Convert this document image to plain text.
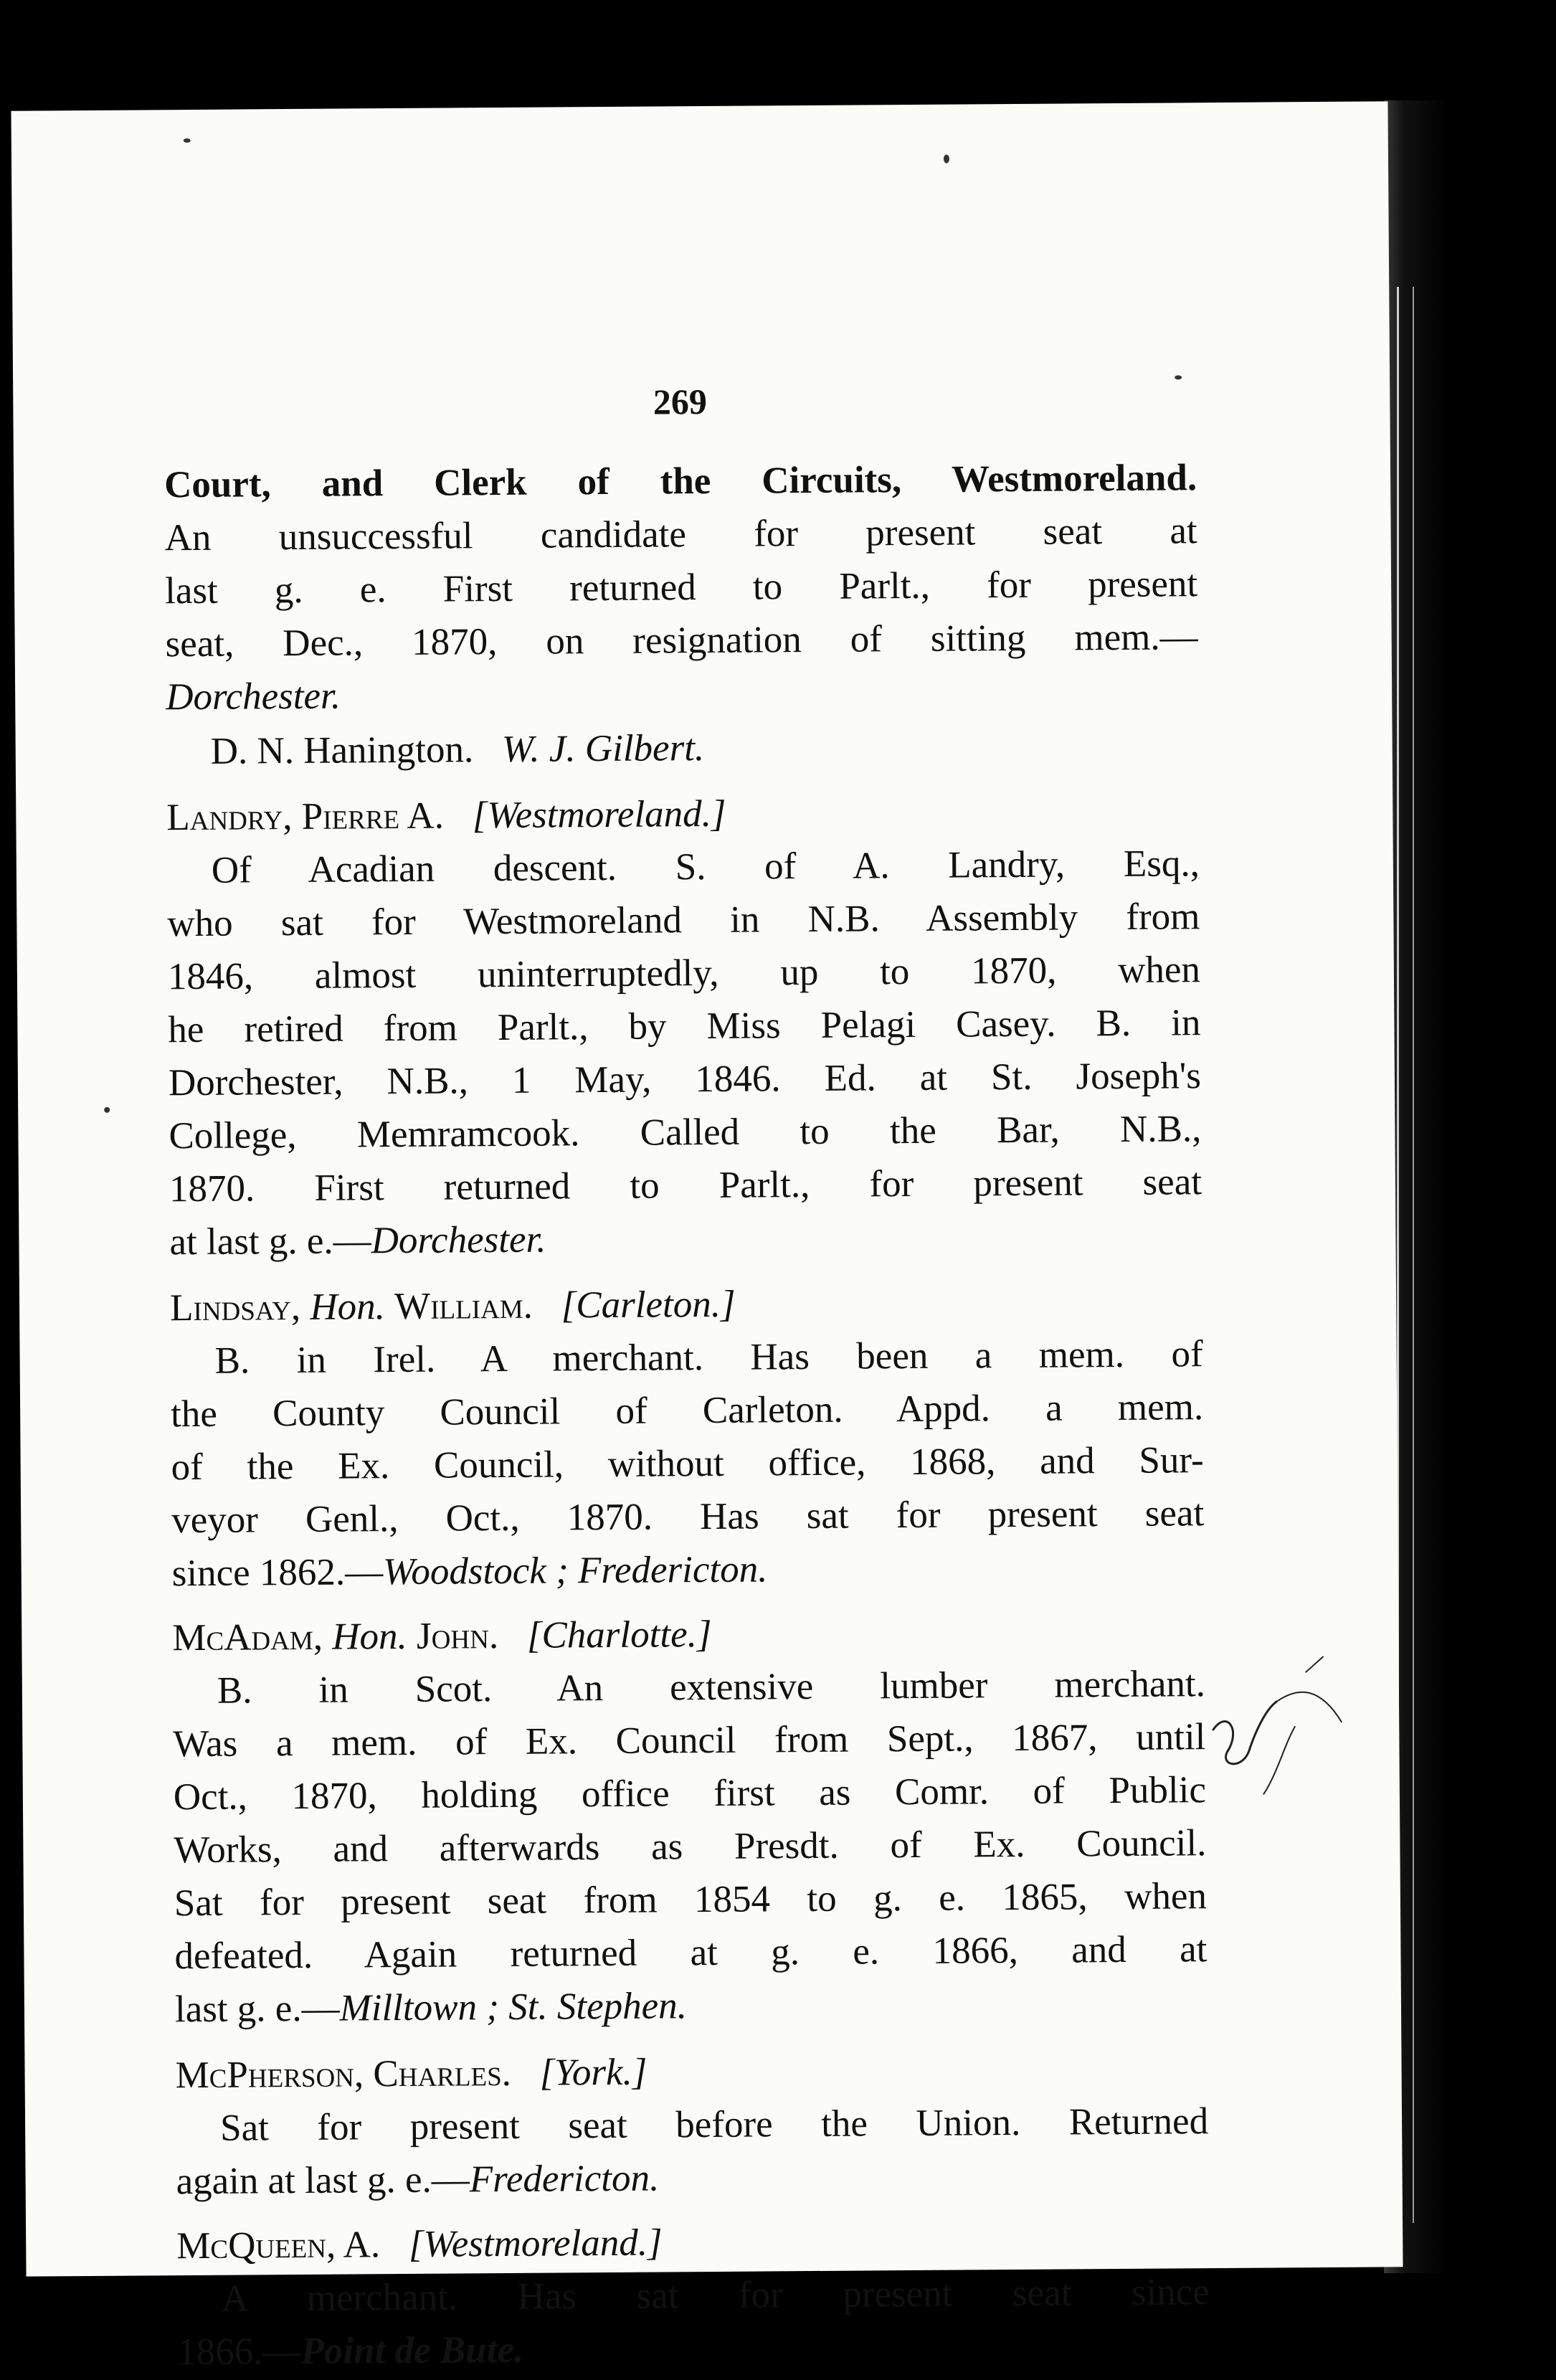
269
Court, and Clerk of the Circuits, Westmoreland.
An unsuccessful candidate for present seat at
last g. e. First returned to Parlt., for present
seat, Dec., 1870, on resignation of sitting mem.—
Dorchester.
D. N. Hanington. W. J. Gilbert.
Landry, Pierre A. [Westmoreland.]
Of Acadian descent. S. of A. Landry, Esq.,
who sat for Westmoreland in N.B. Assembly from
1846, almost uninterruptedly, up to 1870, when
he retired from Parlt., by Miss Pelagi Casey. B. in
Dorchester, N.B., 1 May, 1846. Ed. at St. Joseph's
College, Memramcook. Called to the Bar, N.B.,
1870. First returned to Parlt., for present seat
at last g. e.—Dorchester.
Lindsay, Hon. William. [Carleton.]
B. in Irel. A merchant. Has been a mem. of
the County Council of Carleton. Appd. a mem.
of the Ex. Council, without office, 1868, and Sur-
veyor Genl., Oct., 1870. Has sat for present seat
since 1862.—Woodstock ; Fredericton.
McAdam, Hon. John. [Charlotte.]
B. in Scot. An extensive lumber merchant.
Was a mem. of Ex. Council from Sept., 1867, until
Oct., 1870, holding office first as Comr. of Public
Works, and afterwards as Presdt. of Ex. Council.
Sat for present seat from 1854 to g. e. 1865, when
defeated. Again returned at g. e. 1866, and at
last g. e.—Milltown ; St. Stephen.
McPherson, Charles. [York.]
Sat for present seat before the Union. Returned
again at last g. e.—Fredericton.
McQueen, A. [Westmoreland.]
A merchant. Has sat for present seat since
1866.—Point de Bute.
